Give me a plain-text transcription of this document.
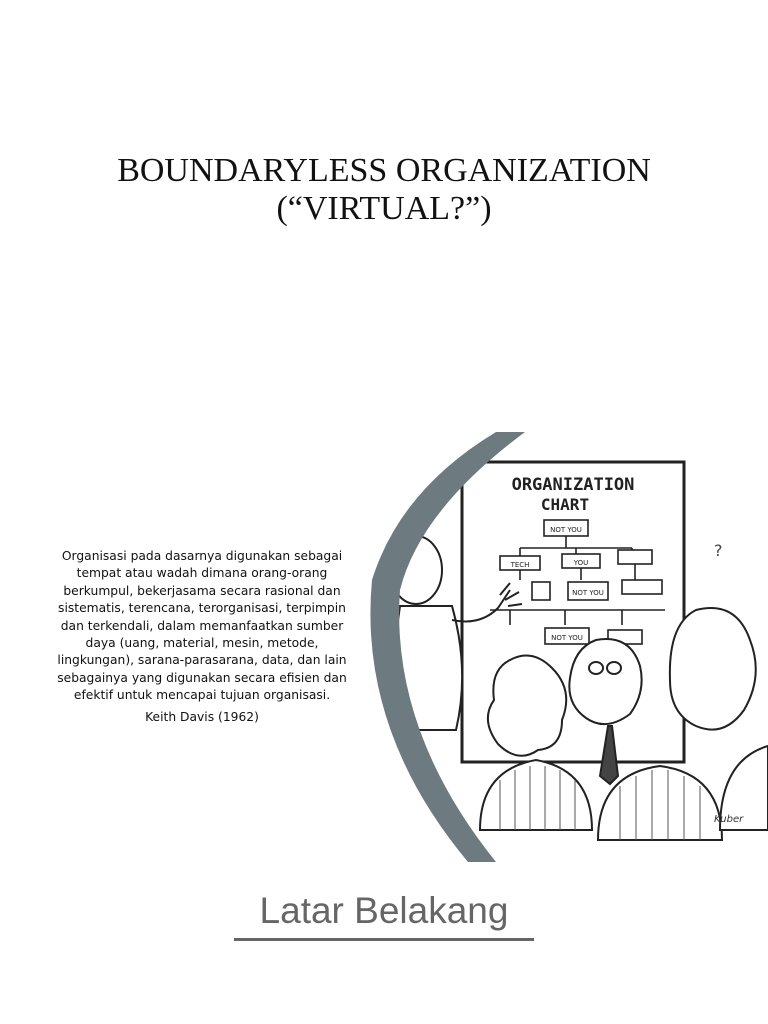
BOUNDARYLESS ORGANIZATION
(“VIRTUAL?”)
Organisasi pada dasarnya digunakan sebagai tempat atau wadah dimana orang-orang berkumpul, bekerjasama secara rasional dan sistematis, terencana, terorganisasi, terpimpin dan terkendali, dalam memanfaatkan sumber daya (uang, material, mesin, metode, lingkungan), sarana-parasarana, data, dan lain sebagainya yang digunakan secara efisien dan efektif untuk mencapai tujuan organisasi.
Keith Davis (1962)
ORGANIZATION
CHART
NOT YOU
TECH	YOU
NOT YOU
NOT YOU
?
Kuber
Latar Belakang
